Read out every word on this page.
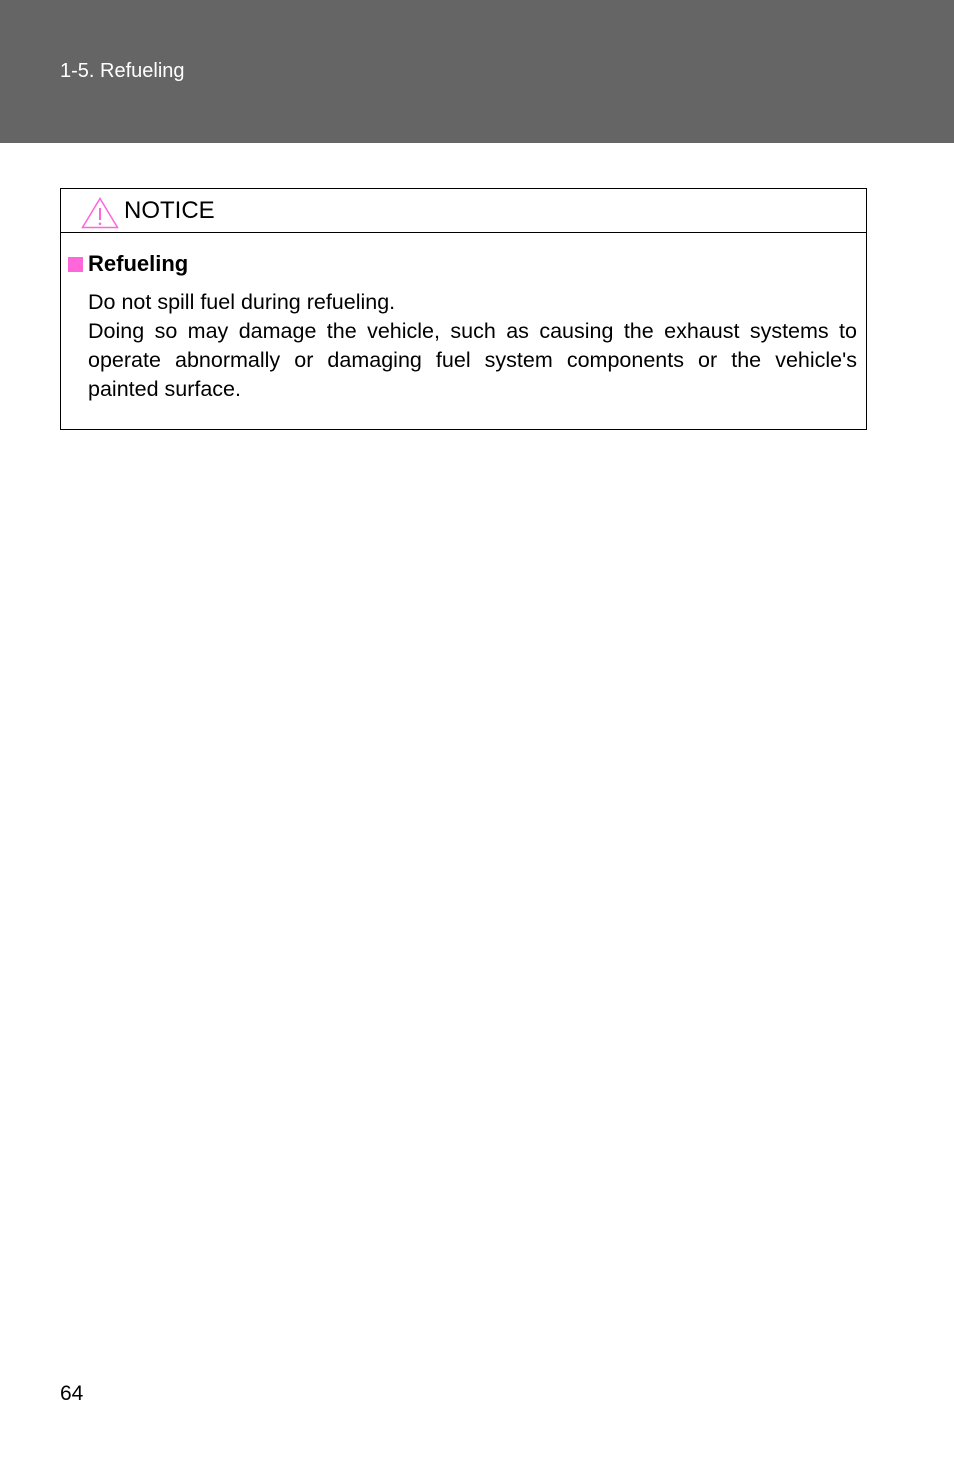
1-5. Refueling
NOTICE
Refueling

Do not spill fuel during refueling.

Doing so may damage the vehicle, such as causing the exhaust systems to operate abnormally or damaging fuel system components or the vehicle's painted surface.

64
